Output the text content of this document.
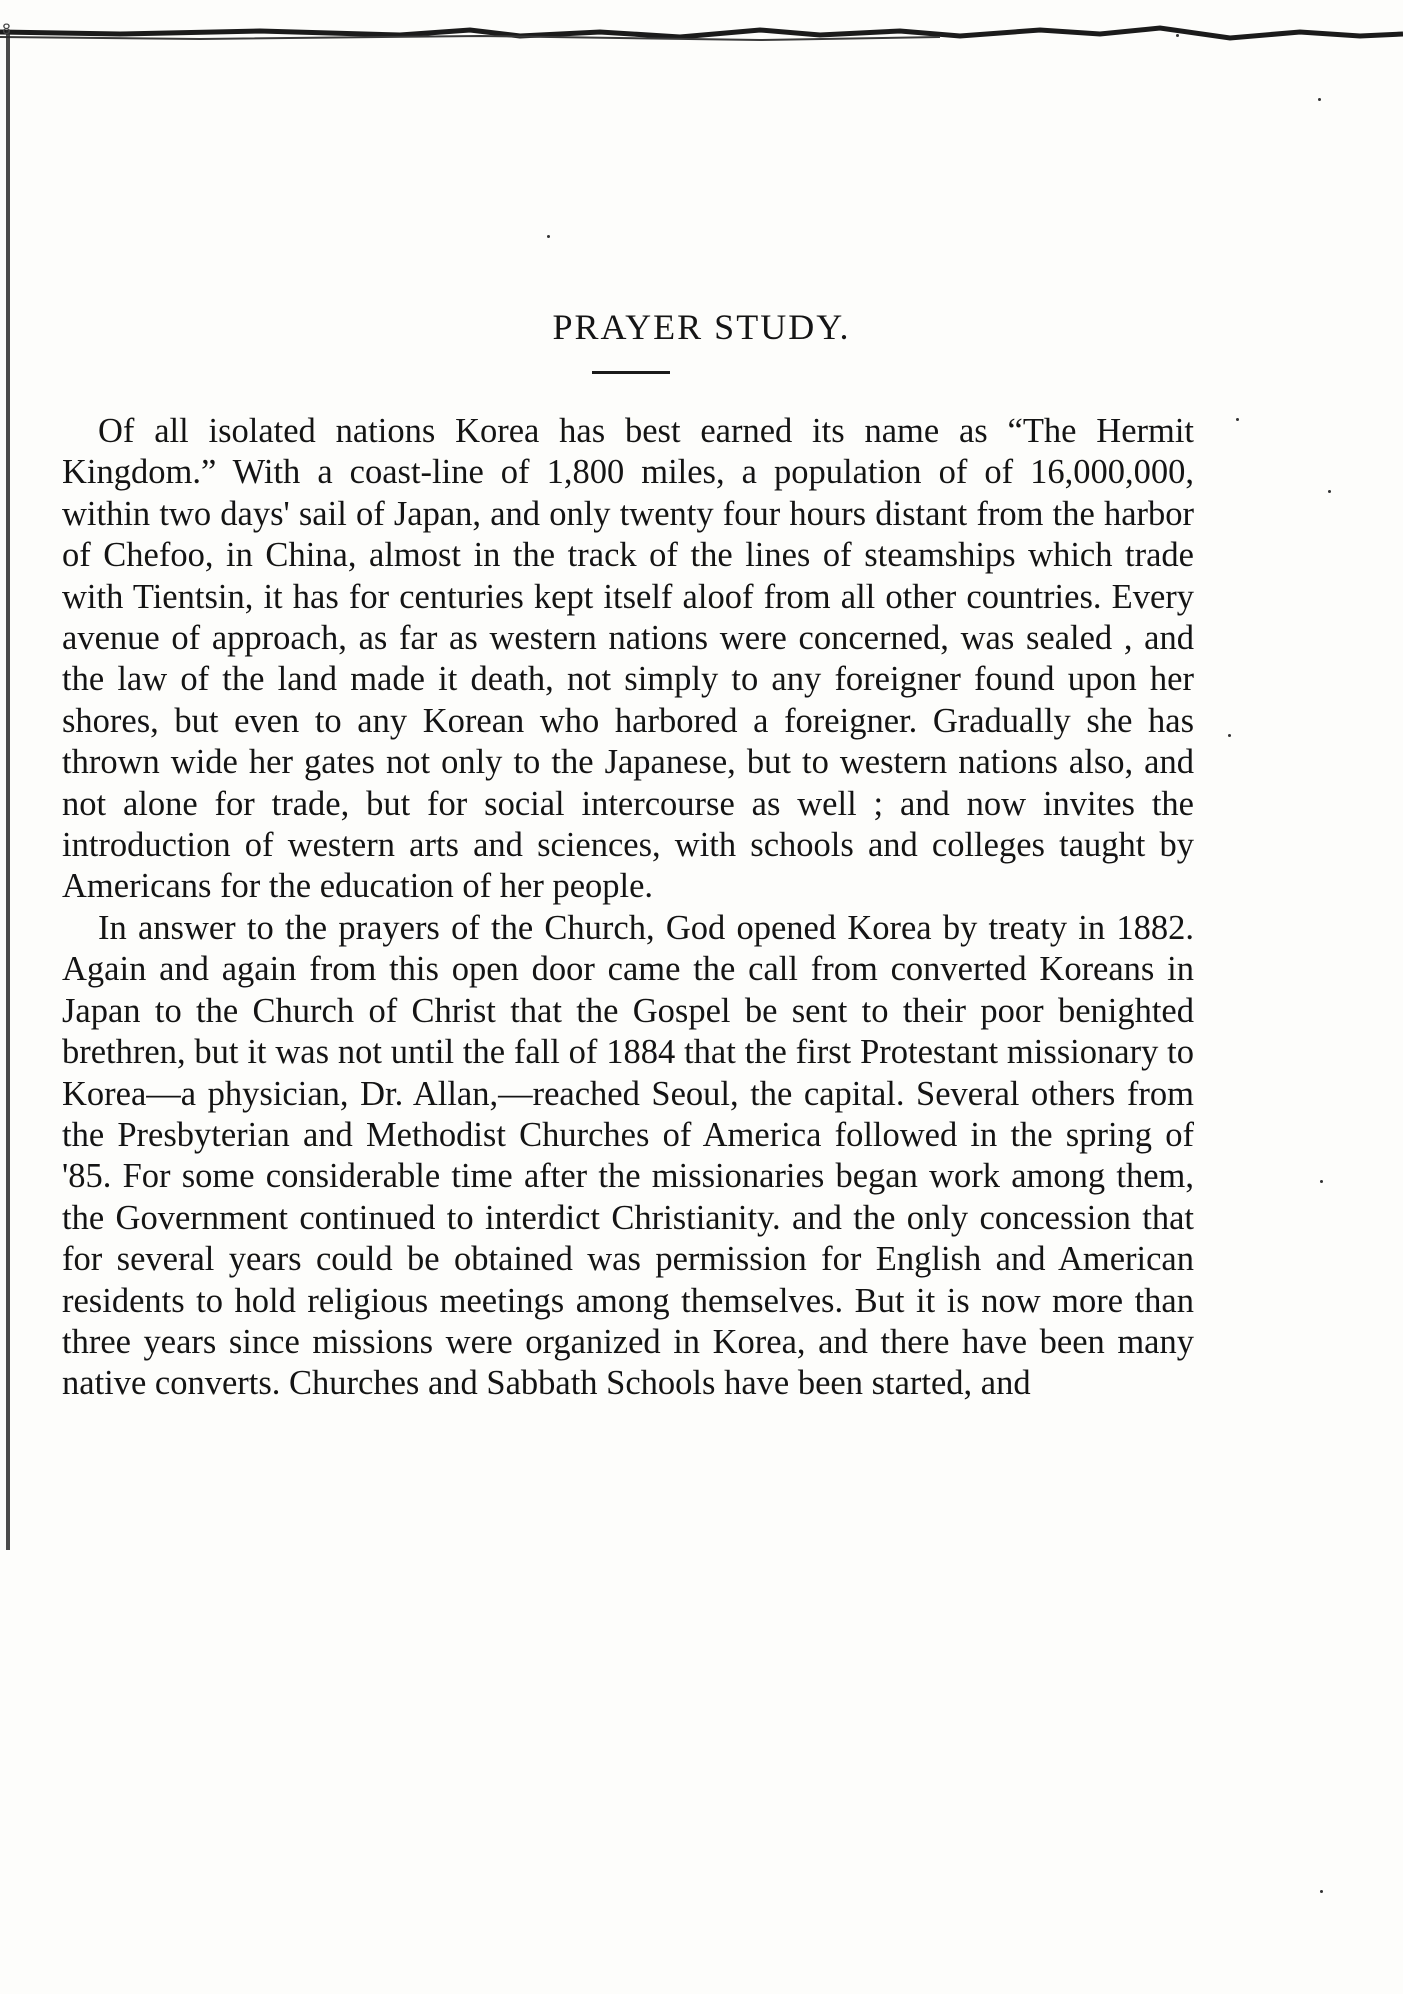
8
PRAYER STUDY.

Of all isolated nations Korea has best earned its name as “The Hermit Kingdom.” With a coast-line of 1,800 miles, a population of of 16,000,000, within two days' sail of Japan, and only twenty four hours distant from the harbor of Chefoo, in China, almost in the track of the lines of steamships which trade with Tientsin, it has for centuries kept itself aloof from all other countries. Every avenue of approach, as far as western nations were concerned, was sealed , and the law of the land made it death, not simply to any foreigner found upon her shores, but even to any Korean who harbored a foreigner. Gradually she has thrown wide her gates not only to the Japanese, but to western nations also, and not alone for trade, but for social intercourse as well ; and now invites the introduction of western arts and sciences, with schools and colleges taught by Americans for the education of her people.

In answer to the prayers of the Church, God opened Korea by treaty in 1882. Again and again from this open door came the call from converted Koreans in Japan to the Church of Christ that the Gospel be sent to their poor benighted brethren, but it was not until the fall of 1884 that the first Protestant missionary to Korea—a physician, Dr. Allan,—reached Seoul, the capital. Several others from the Presbyterian and Methodist Churches of America followed in the spring of '85. For some considerable time after the missionaries began work among them, the Government continued to interdict Christianity. and the only concession that for several years could be obtained was permission for English and American residents to hold religious meetings among themselves. But it is now more than three years since missions were organized in Korea, and there have been many native converts. Churches and Sabbath Schools have been started, and
